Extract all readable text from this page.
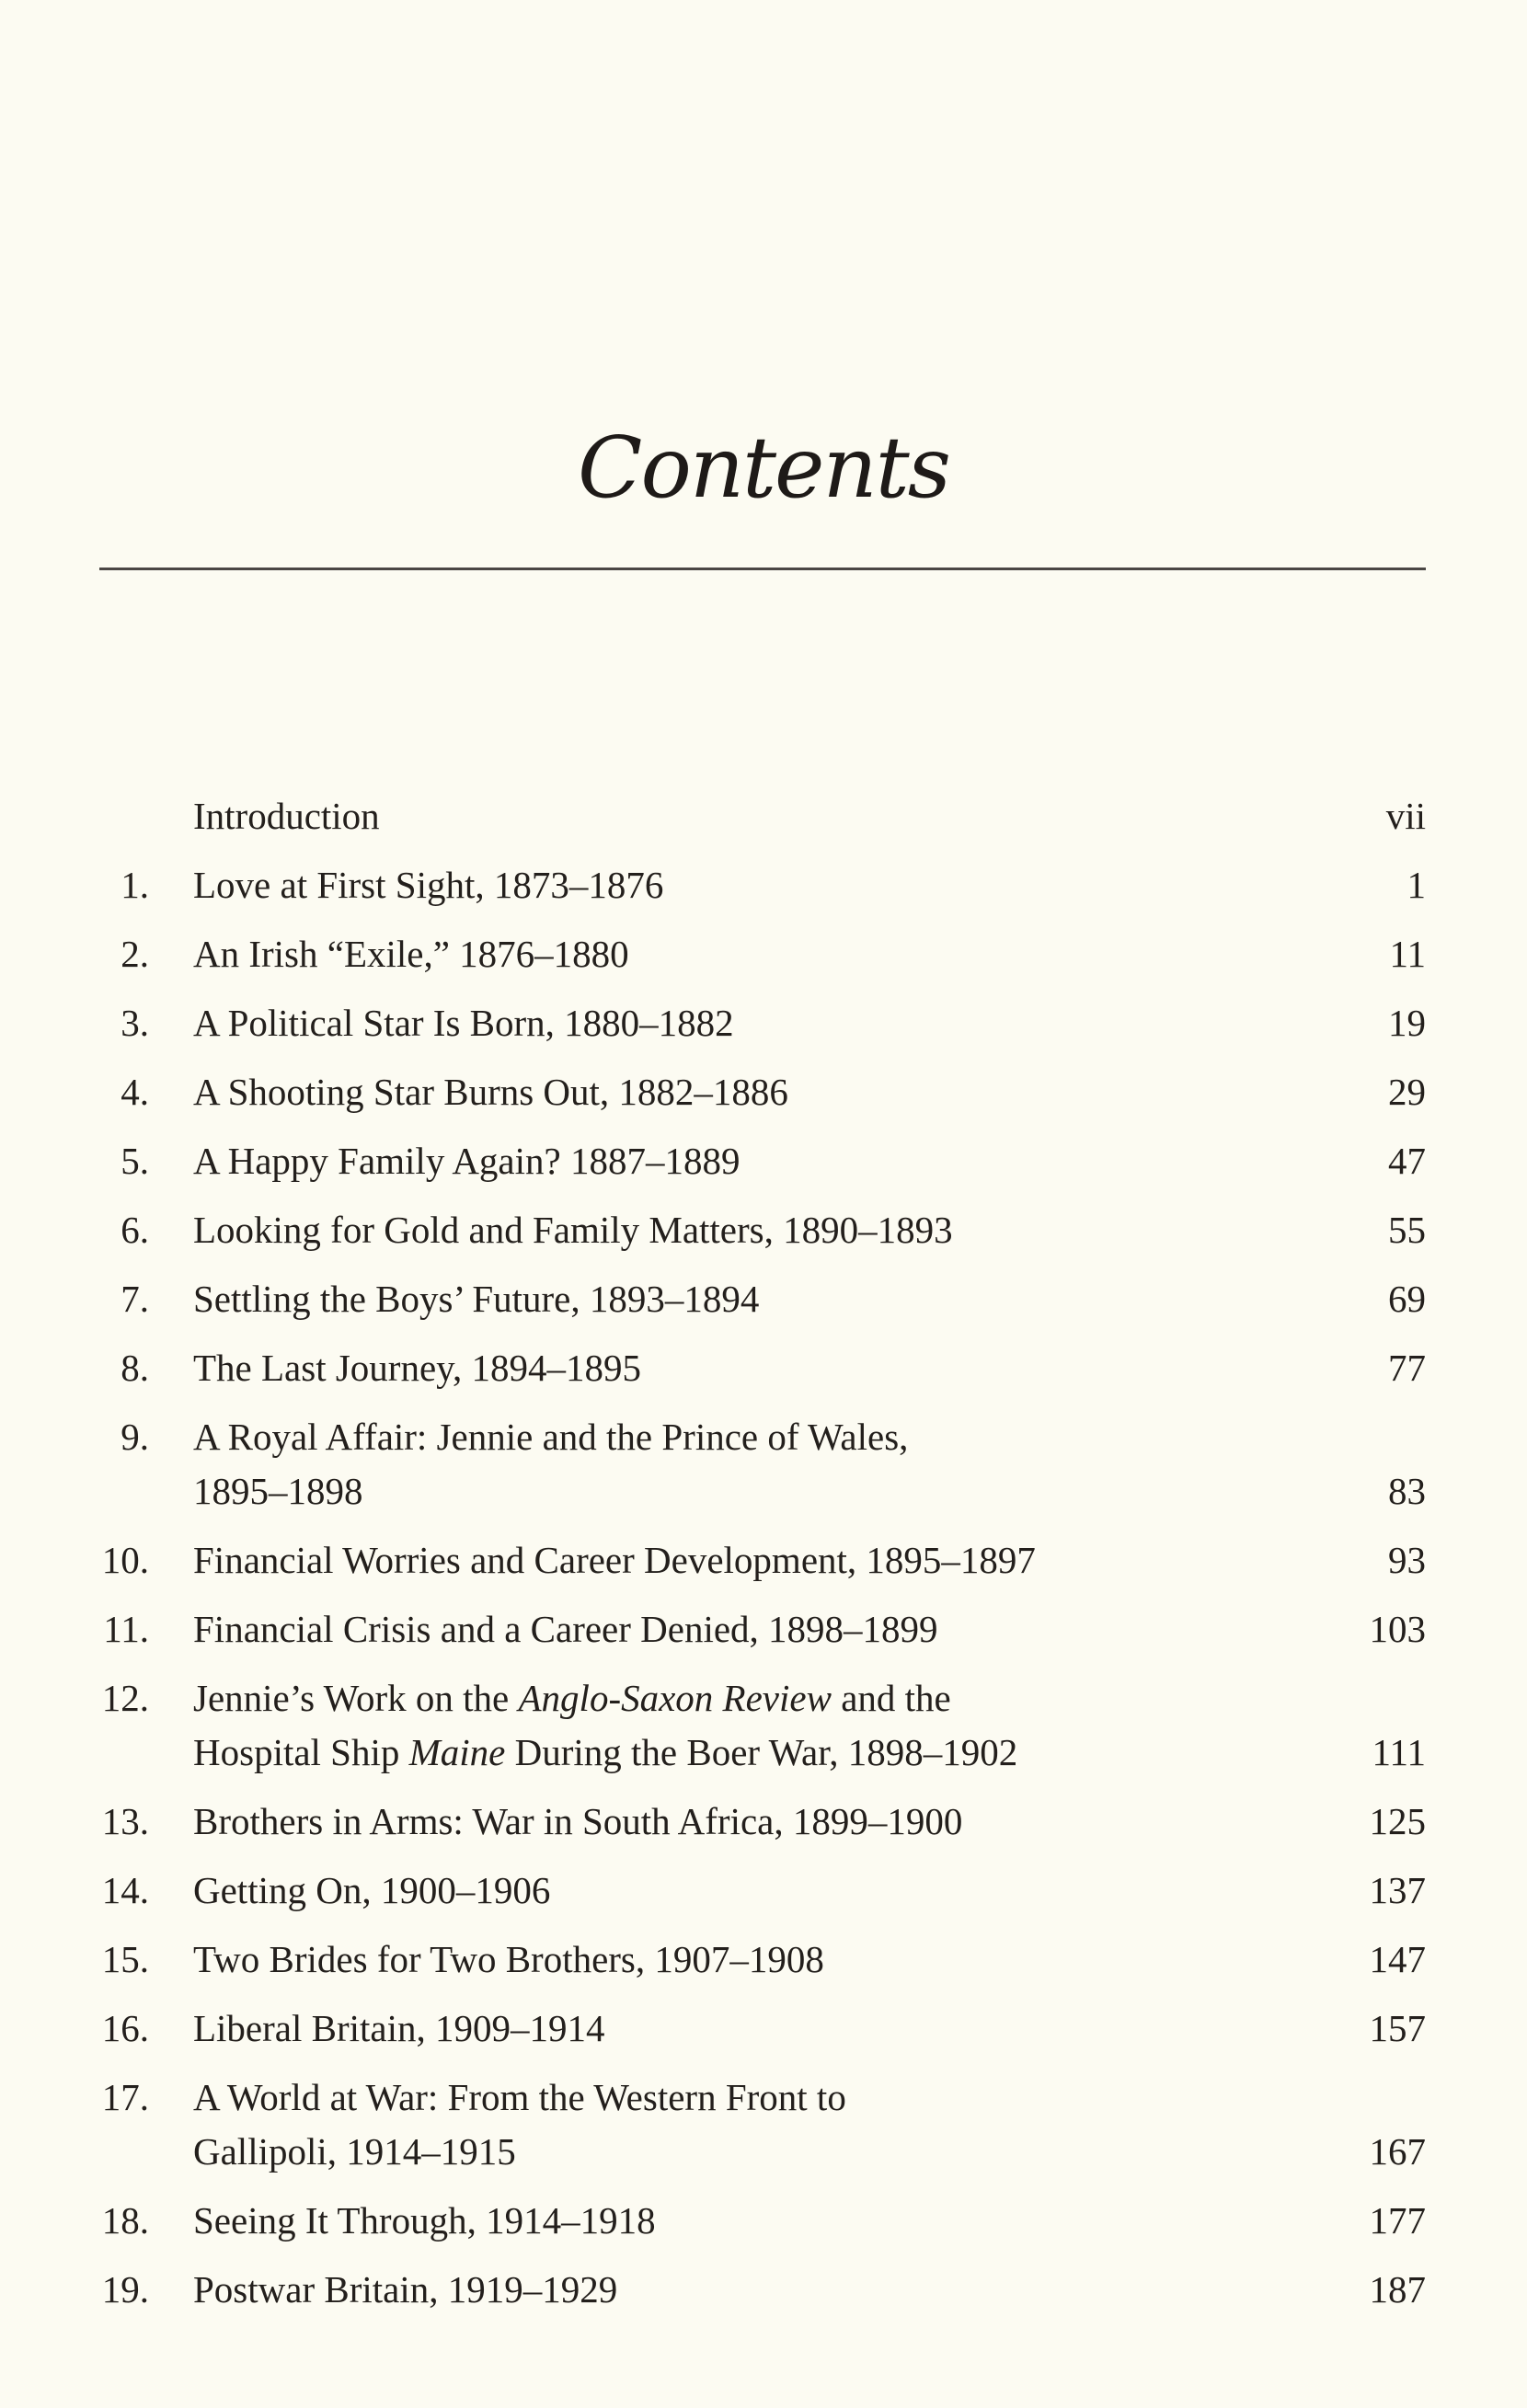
Contents
Introduction	vii
1. Love at First Sight, 1873–1876	1
2. An Irish “Exile,” 1876–1880	11
3. A Political Star Is Born, 1880–1882	19
4. A Shooting Star Burns Out, 1882–1886	29
5. A Happy Family Again? 1887–1889	47
6. Looking for Gold and Family Matters, 1890–1893	55
7. Settling the Boys’ Future, 1893–1894	69
8. The Last Journey, 1894–1895	77
9. A Royal Affair: Jennie and the Prince of Wales,
1895–1898	83
10. Financial Worries and Career Development, 1895–1897	93
11. Financial Crisis and a Career Denied, 1898–1899	103
12. Jennie’s Work on the Anglo-Saxon Review and the
Hospital Ship Maine During the Boer War, 1898–1902	111
13. Brothers in Arms: War in South Africa, 1899–1900	125
14. Getting On, 1900–1906	137
15. Two Brides for Two Brothers, 1907–1908	147
16. Liberal Britain, 1909–1914	157
17. A World at War: From the Western Front to
Gallipoli, 1914–1915	167
18. Seeing It Through, 1914–1918	177
19. Postwar Britain, 1919–1929	187
